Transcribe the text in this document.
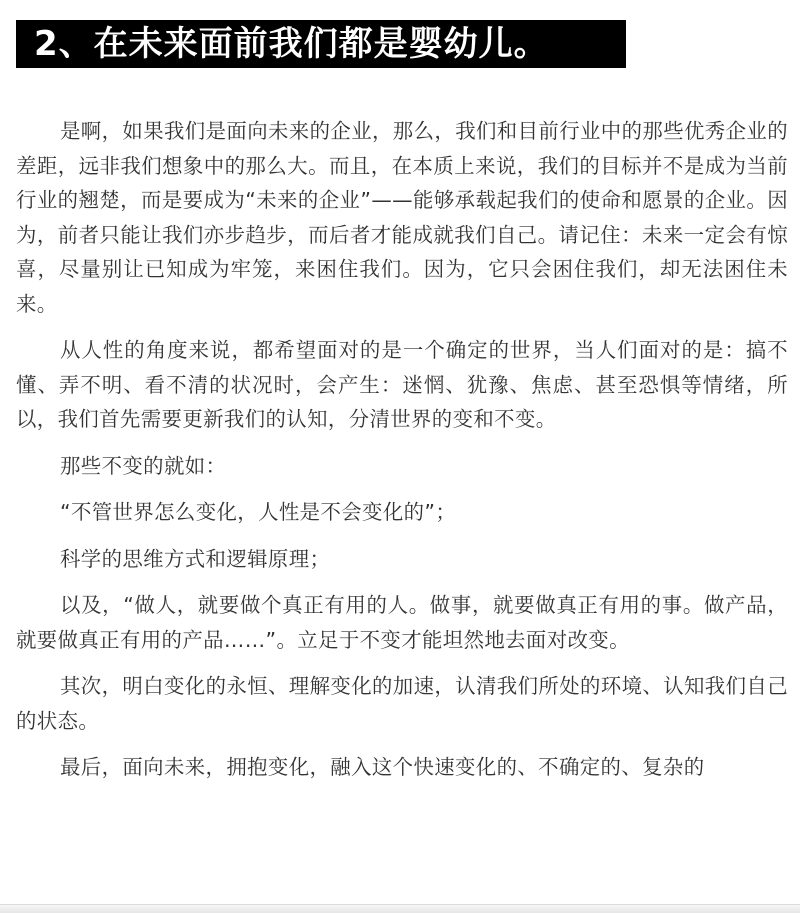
2、在未来面前我们都是婴幼儿。

是啊，如果我们是面向未来的企业，那么，我们和目前行业中的那些优秀企业的差距，远非我们想象中的那么大。而且，在本质上来说，我们的目标并不是成为当前行业的翘楚，而是要成为“未来的企业”——能够承载起我们的使命和愿景的企业。因为，前者只能让我们亦步趋步，而后者才能成就我们自己。请记住：未来一定会有惊喜，尽量别让已知成为牢笼，来困住我们。因为，它只会困住我们，却无法困住未来。

从人性的角度来说，都希望面对的是一个确定的世界，当人们面对的是：搞不懂、弄不明、看不清的状况时，会产生：迷惘、犹豫、焦虑、甚至恐惧等情绪，所以，我们首先需要更新我们的认知，分清世界的变和不变。

那些不变的就如：

“不管世界怎么变化，人性是不会变化的”；

科学的思维方式和逻辑原理；

以及，“做人，就要做个真正有用的人。做事，就要做真正有用的事。做产品，就要做真正有用的产品……”。立足于不变才能坦然地去面对改变。

其次，明白变化的永恒、理解变化的加速，认清我们所处的环境、认知我们自己的状态。

最后，面向未来，拥抱变化，融入这个快速变化的、不确定的、复杂的
